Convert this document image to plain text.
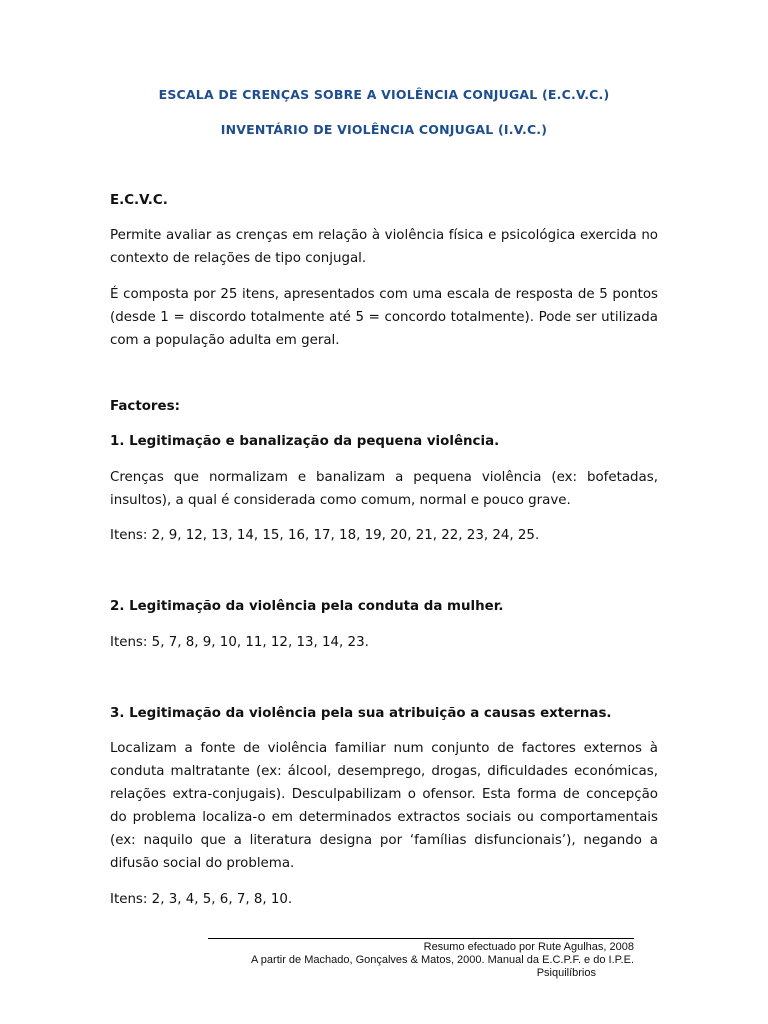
ESCALA DE CRENÇAS SOBRE A VIOLÊNCIA CONJUGAL (E.C.V.C.)
INVENTÁRIO DE VIOLÊNCIA CONJUGAL (I.V.C.)

E.C.V.C.

Permite avaliar as crenças em relação à violência física e psicológica exercida no contexto de relações de tipo conjugal.

É composta por 25 itens, apresentados com uma escala de resposta de 5 pontos (desde 1 = discordo totalmente até 5 = concordo totalmente). Pode ser utilizada com a população adulta em geral.

Factores:

1. Legitimação e banalização da pequena violência.

Crenças que normalizam e banalizam a pequena violência (ex: bofetadas, insultos), a qual é considerada como comum, normal e pouco grave.

Itens: 2, 9, 12, 13, 14, 15, 16, 17, 18, 19, 20, 21, 22, 23, 24, 25.

2. Legitimação da violência pela conduta da mulher.

Itens: 5, 7, 8, 9, 10, 11, 12, 13, 14, 23.

3. Legitimação da violência pela sua atribuição a causas externas.

Localizam a fonte de violência familiar num conjunto de factores externos à conduta maltratante (ex: álcool, desemprego, drogas, dificuldades económicas, relações extra-conjugais). Desculpabilizam o ofensor. Esta forma de concepção do problema localiza-o em determinados extractos sociais ou comportamentais (ex: naquilo que a literatura designa por ‘famílias disfuncionais’), negando a difusão social do problema.

Itens: 2, 3, 4, 5, 6, 7, 8, 10.

Resumo efectuado por Rute Agulhas, 2008
A partir de Machado, Gonçalves & Matos, 2000. Manual da E.C.P.F. e do I.P.E.
Psiquilíbrios
